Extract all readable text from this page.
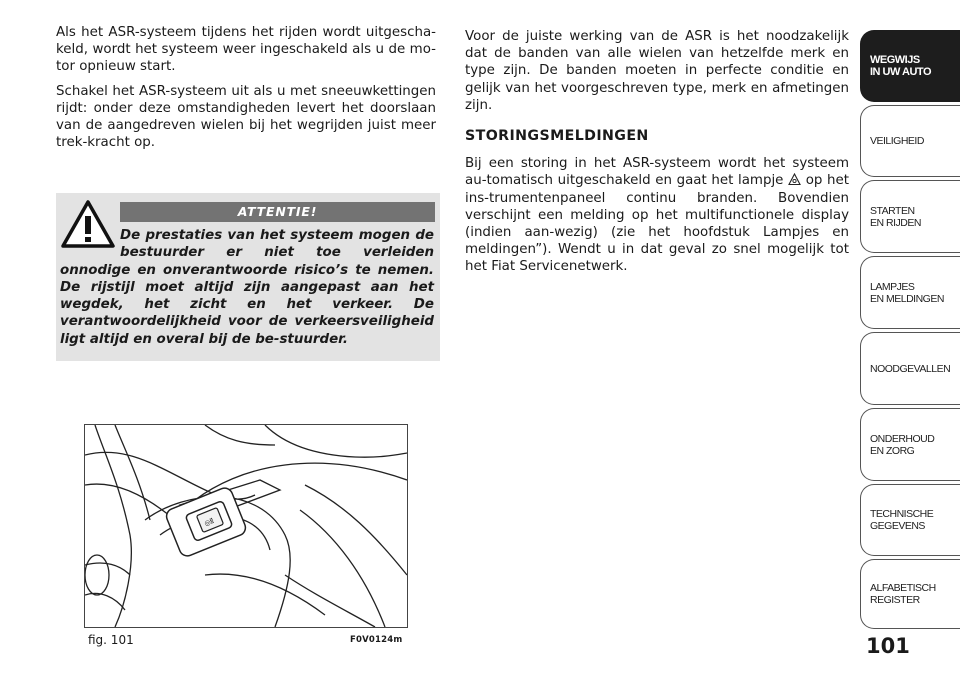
Als het ASR-systeem tijdens het rijden wordt uitgescha-keld, wordt het systeem weer ingeschakeld als u de mo-tor opnieuw start.

Schakel het ASR-systeem uit als u met sneeuwkettingen rijdt: onder deze omstandigheden levert het doorslaan van de aangedreven wielen bij het wegrijden juist meer trek-kracht op.

ATTENTIE!
De prestaties van het systeem mogen de bestuurder er niet toe verleiden onnodige en onverantwoorde risico’s te nemen. De rijstijl moet altijd zijn aangepast aan het wegdek, het zicht en het verkeer. De verantwoordelijkheid voor de verkeersveiligheid ligt altijd en overal bij de be-stuurder.
◎⦙⦙
fig. 101	F0V0124m

Voor de juiste werking van de ASR is het noodzakelijk dat de banden van alle wielen van hetzelfde merk en type zijn. De banden moeten in perfecte conditie en gelijk van het voorgeschreven type, merk en afmetingen zijn.

STORINGSMELDINGEN

Bij een storing in het ASR-systeem wordt het systeem au-tomatisch uitgeschakeld en gaat het lampje  op het ins-trumentenpaneel continu branden. Bovendien verschijnt een melding op het multifunctionele display (indien aan-wezig) (zie het hoofdstuk Lampjes en meldingen”). Wendt u in dat geval zo snel mogelijk tot het Fiat Servicenetwerk.

WEGWIJS
IN UW AUTO
VEILIGHEID
STARTEN
EN RIJDEN
LAMPJES
EN MELDINGEN
NOODGEVALLEN
ONDERHOUD
EN ZORG
TECHNISCHE
GEGEVENS
ALFABETISCH
REGISTER
101
